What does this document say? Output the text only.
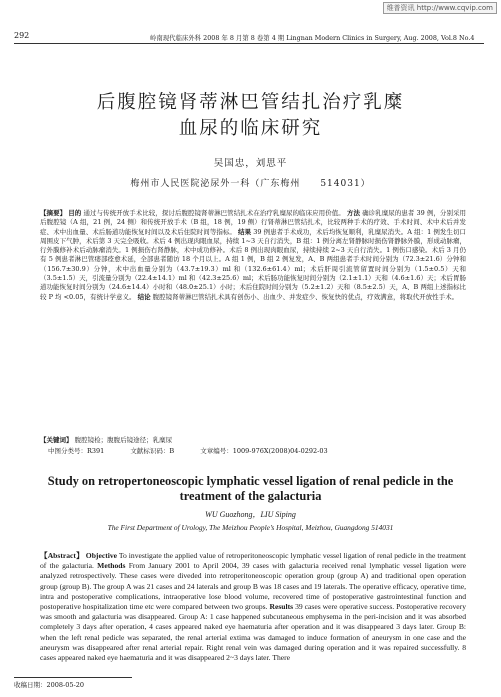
维普资讯 http://www.cqvip.com
292	岭南现代临床外科 2008 年 8 月第 8 卷第 4 期 Lingnan Modern Clinics in Surgery, Aug. 2008, Vol.8 No.4
后腹腔镜肾蒂淋巴管结扎治疗乳糜
血尿的临床研究
吴国忠，刘思平
梅州市人民医院泌尿外一科（广东梅州　　514031）
【摘要】 目的 通过与传统开放手术比较，探讨后腹腔镜肾蒂淋巴管结扎术在治疗乳糜尿的临床应用价值。 方法 确诊乳糜尿的患者 39 例，分别采用后腹腔镜（A 组，21 例，24 侧）和传统开放手术（B 组，18 例，19 侧）行肾蒂淋巴管结扎术，比较两种手术的疗效、手术时间、术中术后并发症、术中出血量、术后肠道功能恢复时间以及术后住院时间等指标。 结果 39 例患者手术成功，术后均恢复顺利，乳糜尿消失。A 组：1 例发生切口周围皮下气肿，术后第 3 天完全吸收。术后 4 例出现肉眼血尿，持续 1~3 天自行消失，B 组：1 例分离左肾静脉时损伤肾静脉外膜，形成动脉瘤，行外膜修补术后动脉瘤消失。1 例损伤右肾静脉，术中成功修补。术后 8 例出现肉眼血尿，持续持续 2~3 天自行消失。1 例伤口感染。术后 3 月仍有 5 例患者淋巴管瘘部痊愈术延，全部患者随访 18 个月以上。A 组 1 例，B 组 2 例复发，A、B 两组患者手术时间分别为（72.3±21.6）分钟和（156.7±30.9）分钟，术中出血量分别为（43.7±19.3）ml 和（132.6±61.4）ml；术后肝周引流管留置时间分别为（1.5±0.5）天和（3.5±1.5）天，引流量分别为（22.4±14.1）ml 和（42.3±25.6）ml；术后肠功能恢复时间分别为（2.1±1.1）天和（4.6±1.6）天；术后胃肠道功能恢复时间分别为（24.6±14.4）小时和（48.0±25.1）小时；术后住院时间分别为（5.2±1.2）天和（8.5±2.5）天，A、B 两组上述指标比较 P 均 <0.05，有统计学意义。 结论 腹腔镜肾蒂淋巴管结扎术具有创伤小、出血少、并发症少、恢复快的优点，疗效满意，将取代开放性手术。
【关键词】 腹腔镜检；腹腹后镜途径；乳糜尿
中图分类号：R391	文献标识码：B	文章编号：1009-976X(2008)04-0292-03
Study on retropertoneoscopic lymphatic vessel ligation of renal pedicle in the
treatment of the galacturia
WU Guozhong，LIU Siping
The First Department of Urology, The Meizhou People’s Hospital, Meizhou, Guangdong 514031
【Abstract】 Objective To investigate the applied value of retroperitoneoscopic lymphatic vessel ligation of renal pedicle in the treatment of the galacturia. Methods From January 2001 to April 2004, 39 cases with galacturia received renal lymphatic vessel ligation were analyzed retrospectively. These cases were diveded into retroperitoneoscopic operation group (group A) and traditional open operation group (group B). The group A was 21 cases and 24 laterals and group B was 18 cases and 19 laterals. The operative efficacy, operative time, intra and postoperative complications, intraoperative lose blood volume, recovered time of postoperative gastrointestinal function and postoperative hospitalization time etc were compared between two groups. Results 39 cases were operative success. Postoperative recovery was smooth and galacturia was disappeared. Group A: 1 case happened subcutaneous emphysema in the peri-incision and it was absorbed completely 3 days after operation, 4 cases appeared naked eye haematuria after operation and it was disappeared 3 days later. Group B: when the left renal pedicle was separated, the renal arterial extima was damaged to induce formation of aneurysm in one case and the aneurysm was disappeared after renal arterial repair. Right renal vein was damaged during operation and it was repaired successfully. 8 cases appeared naked eye haematuria and it was disappeared 2~3 days later. There
收稿日期：2008-05-20
